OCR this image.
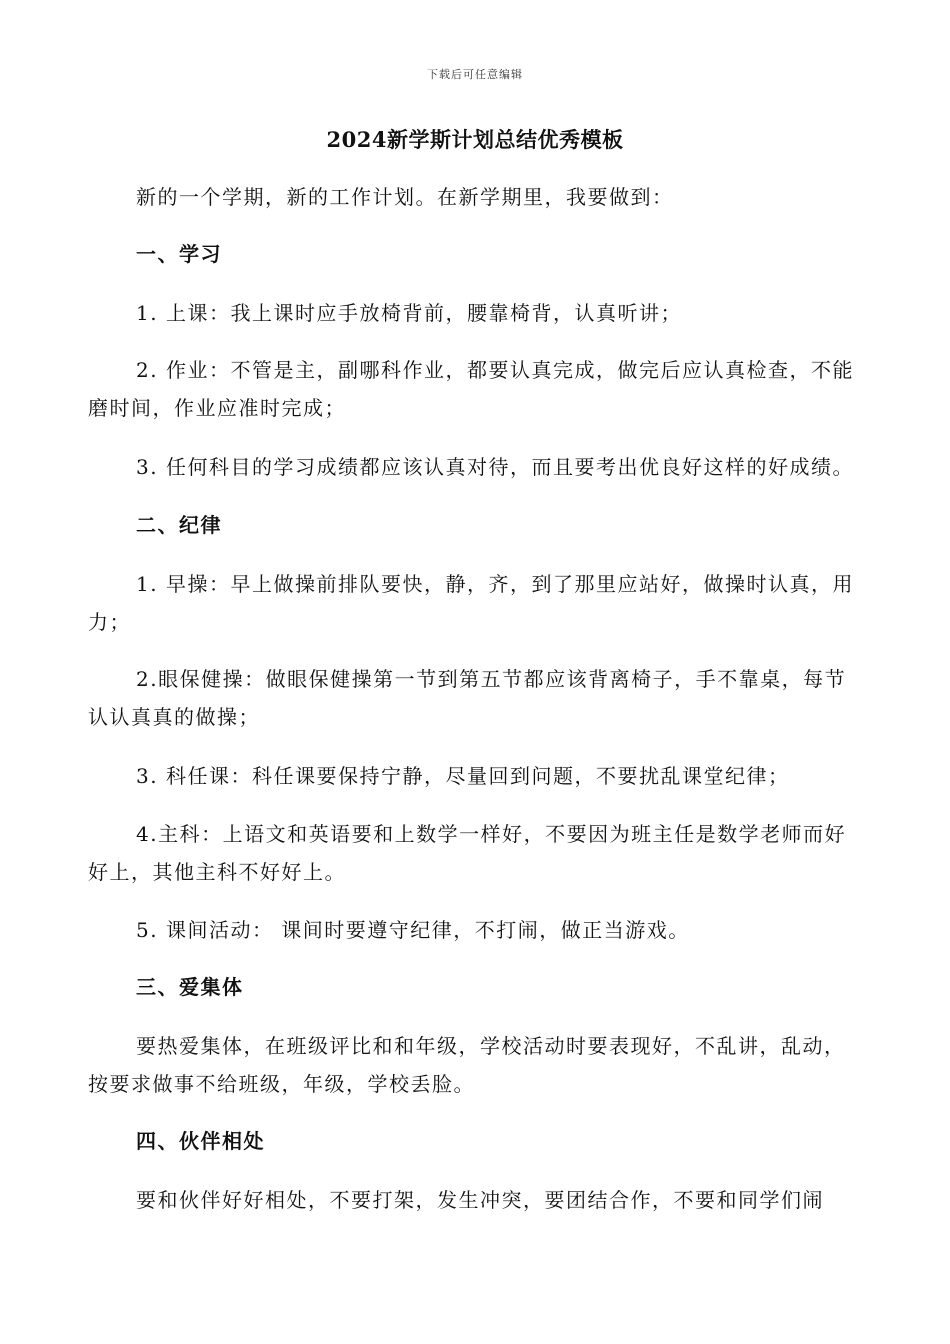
下载后可任意编辑
2024新学斯计划总结优秀模板

新的一个学期，新的工作计划。在新学期里，我要做到：

一、学习

1. 上课：我上课时应手放椅背前，腰靠椅背，认真听讲；

2. 作业：不管是主，副哪科作业，都要认真完成，做完后应认真检查，不能磨时间，作业应准时完成；

3. 任何科目的学习成绩都应该认真对待，而且要考出优良好这样的好成绩。

二、纪律

1. 早操：早上做操前排队要快，静，齐，到了那里应站好，做操时认真，用力；

2.眼保健操：做眼保健操第一节到第五节都应该背离椅子，手不靠桌，每节认认真真的做操；

3. 科任课：科任课要保持宁静，尽量回到问题，不要扰乱课堂纪律；

4.主科：上语文和英语要和上数学一样好，不要因为班主任是数学老师而好好上，其他主科不好好上。

5. 课间活动： 课间时要遵守纪律，不打闹，做正当游戏。

三、爱集体

要热爱集体，在班级评比和和年级，学校活动时要表现好，不乱讲，乱动，按要求做事不给班级，年级，学校丢脸。

四、伙伴相处

要和伙伴好好相处，不要打架，发生冲突，要团结合作，不要和同学们闹
